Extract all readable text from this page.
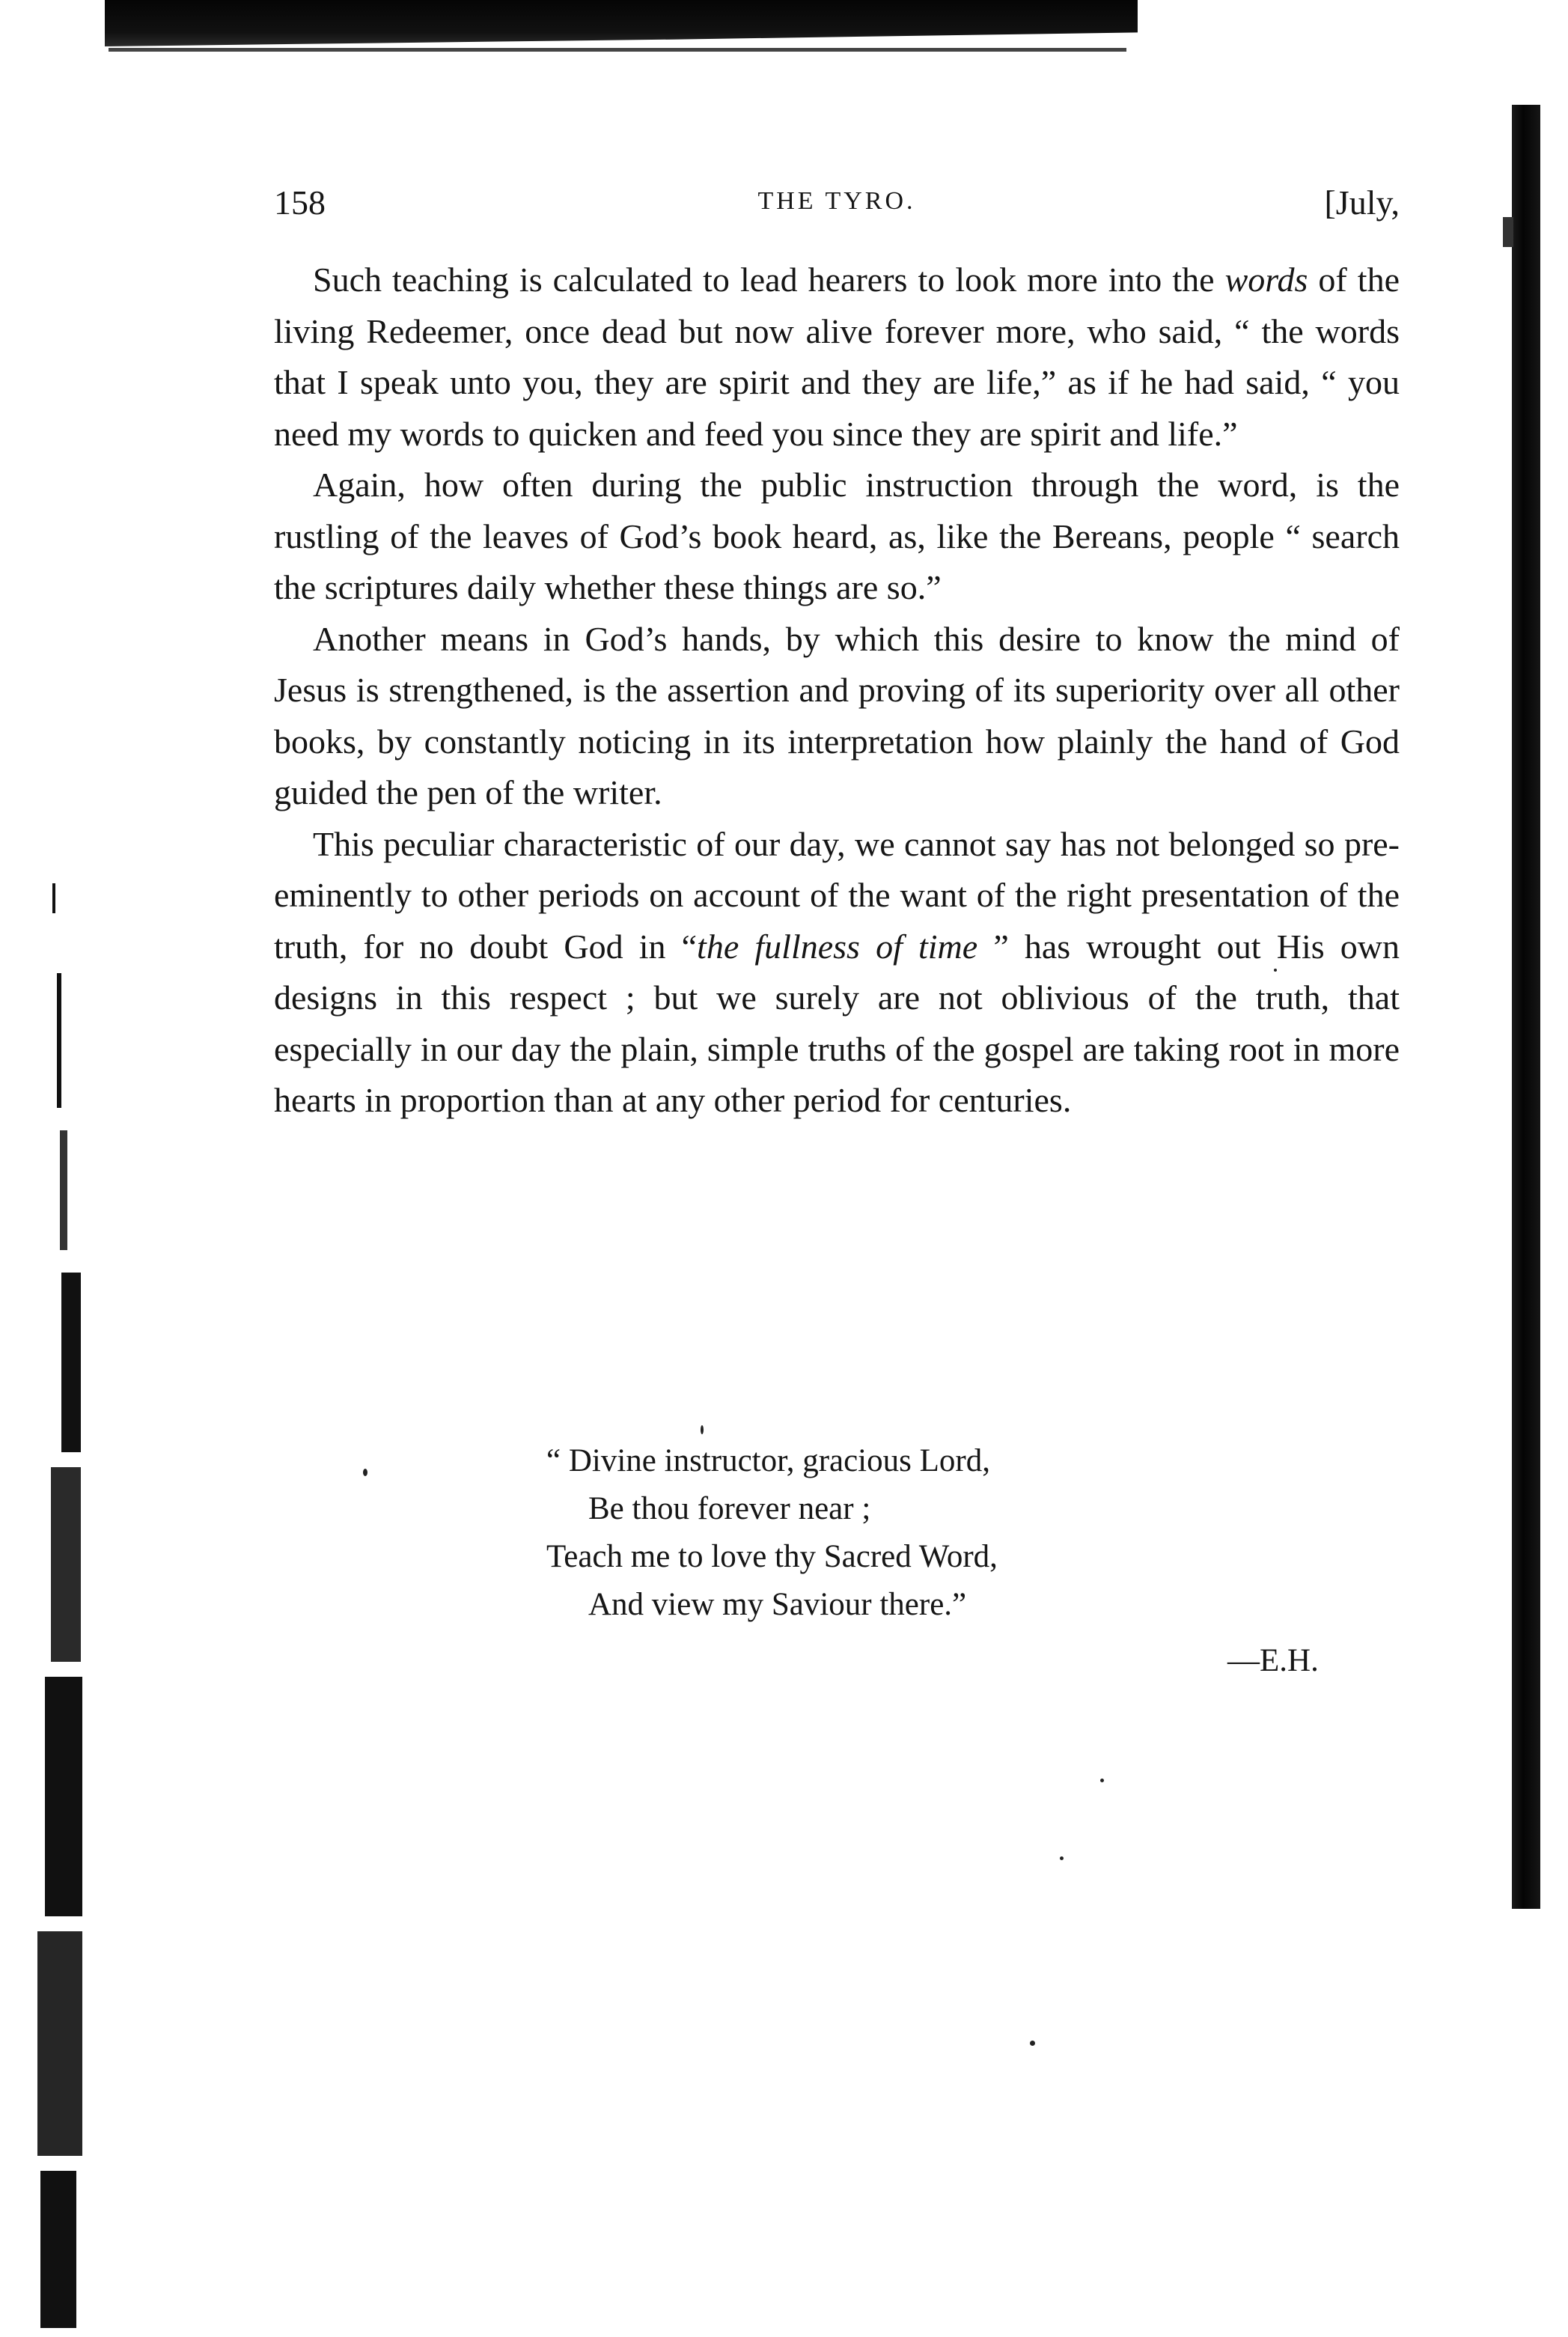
158	THE TYRO.	[July,

Such teaching is calculated to lead hearers to look more into the words of the living Redeemer, once dead but now alive forever more, who said, “ the words that I speak unto you, they are spirit and they are life,” as if he had said, “ you need my words to quicken and feed you since they are spirit and life.”

Again, how often during the public instruction through the word, is the rustling of the leaves of God’s book heard, as, like the Bereans, people “ search the scriptures daily whether these things are so.”

Another means in God’s hands, by which this desire to know the mind of Jesus is strengthened, is the assertion and proving of its superiority over all other books, by constantly noticing in its interpretation how plainly the hand of God guided the pen of the writer.

This peculiar characteristic of our day, we cannot say has not belonged so pre-eminently to other periods on account of the want of the right presentation of the truth, for no doubt God in “the fullness of time ” has wrought out His own designs in this respect ; but we surely are not oblivious of the truth, that especially in our day the plain, simple truths of the gospel are taking root in more hearts in proportion than at any other period for centuries.

“ Divine instructor, gracious Lord,
Be thou forever near ;
Teach me to love thy Sacred Word,
And view my Saviour there.”
—E.H.
